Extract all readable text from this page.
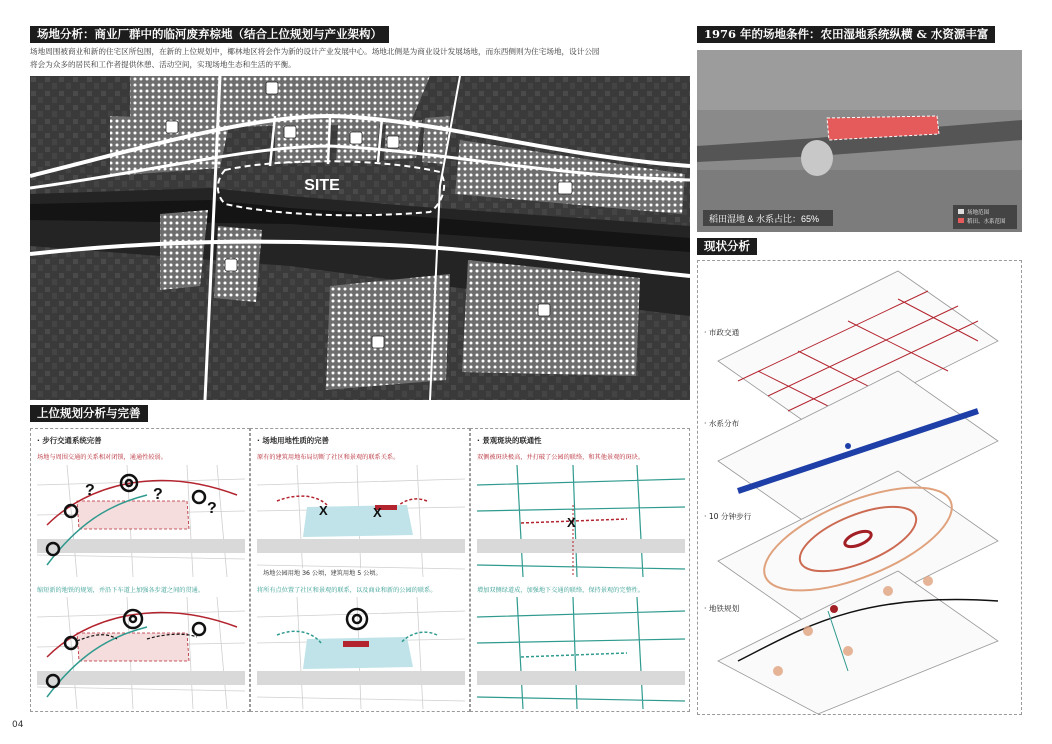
场地分析：商业厂群中的临河废弃棕地（结合上位规划与产业架构）
场地周围被商业和新的住宅区所包围，在新的上位规划中，椰林地区将会作为新的设计产业发展中心。场地北侧是为商业设计发展场地，而东西侧则为住宅场地，设计公园
将会为众多的居民和工作者提供休憩、活动空间，实现场地生态和生活的平衡。
SITE
上位规划分析与完善
· 步行交通系统完善
场地与周围交通的关系相对闭锁，通通性较弱。
?	?
?
缩短新的地铁的规划，并沿下车道上加强各步道之间的贯通。
· 场地用地性质的完善
原有的建筑用地布局切断了社区和景观的联系关系。
X	X
场地公园用地 36 公顷，建筑用地 5 公顷。
将所有点位置了社区和景观的联系，以及商业和新的公园的联系。
· 景观斑块的联通性
双侧被斑块极高，并打破了公园的联络，和其他景观的斑块。
X
增加双侧绿道成，加强地下交通的联络，保持景观的完整性。
1976 年的场地条件：农田湿地系统纵横 & 水资源丰富
稻田湿地 & 水系占比：65%
场地范围
稻田、水系范围
现状分析
· 市政交通
· 水系分布
· 10 分钟步行
· 地铁规划
04
